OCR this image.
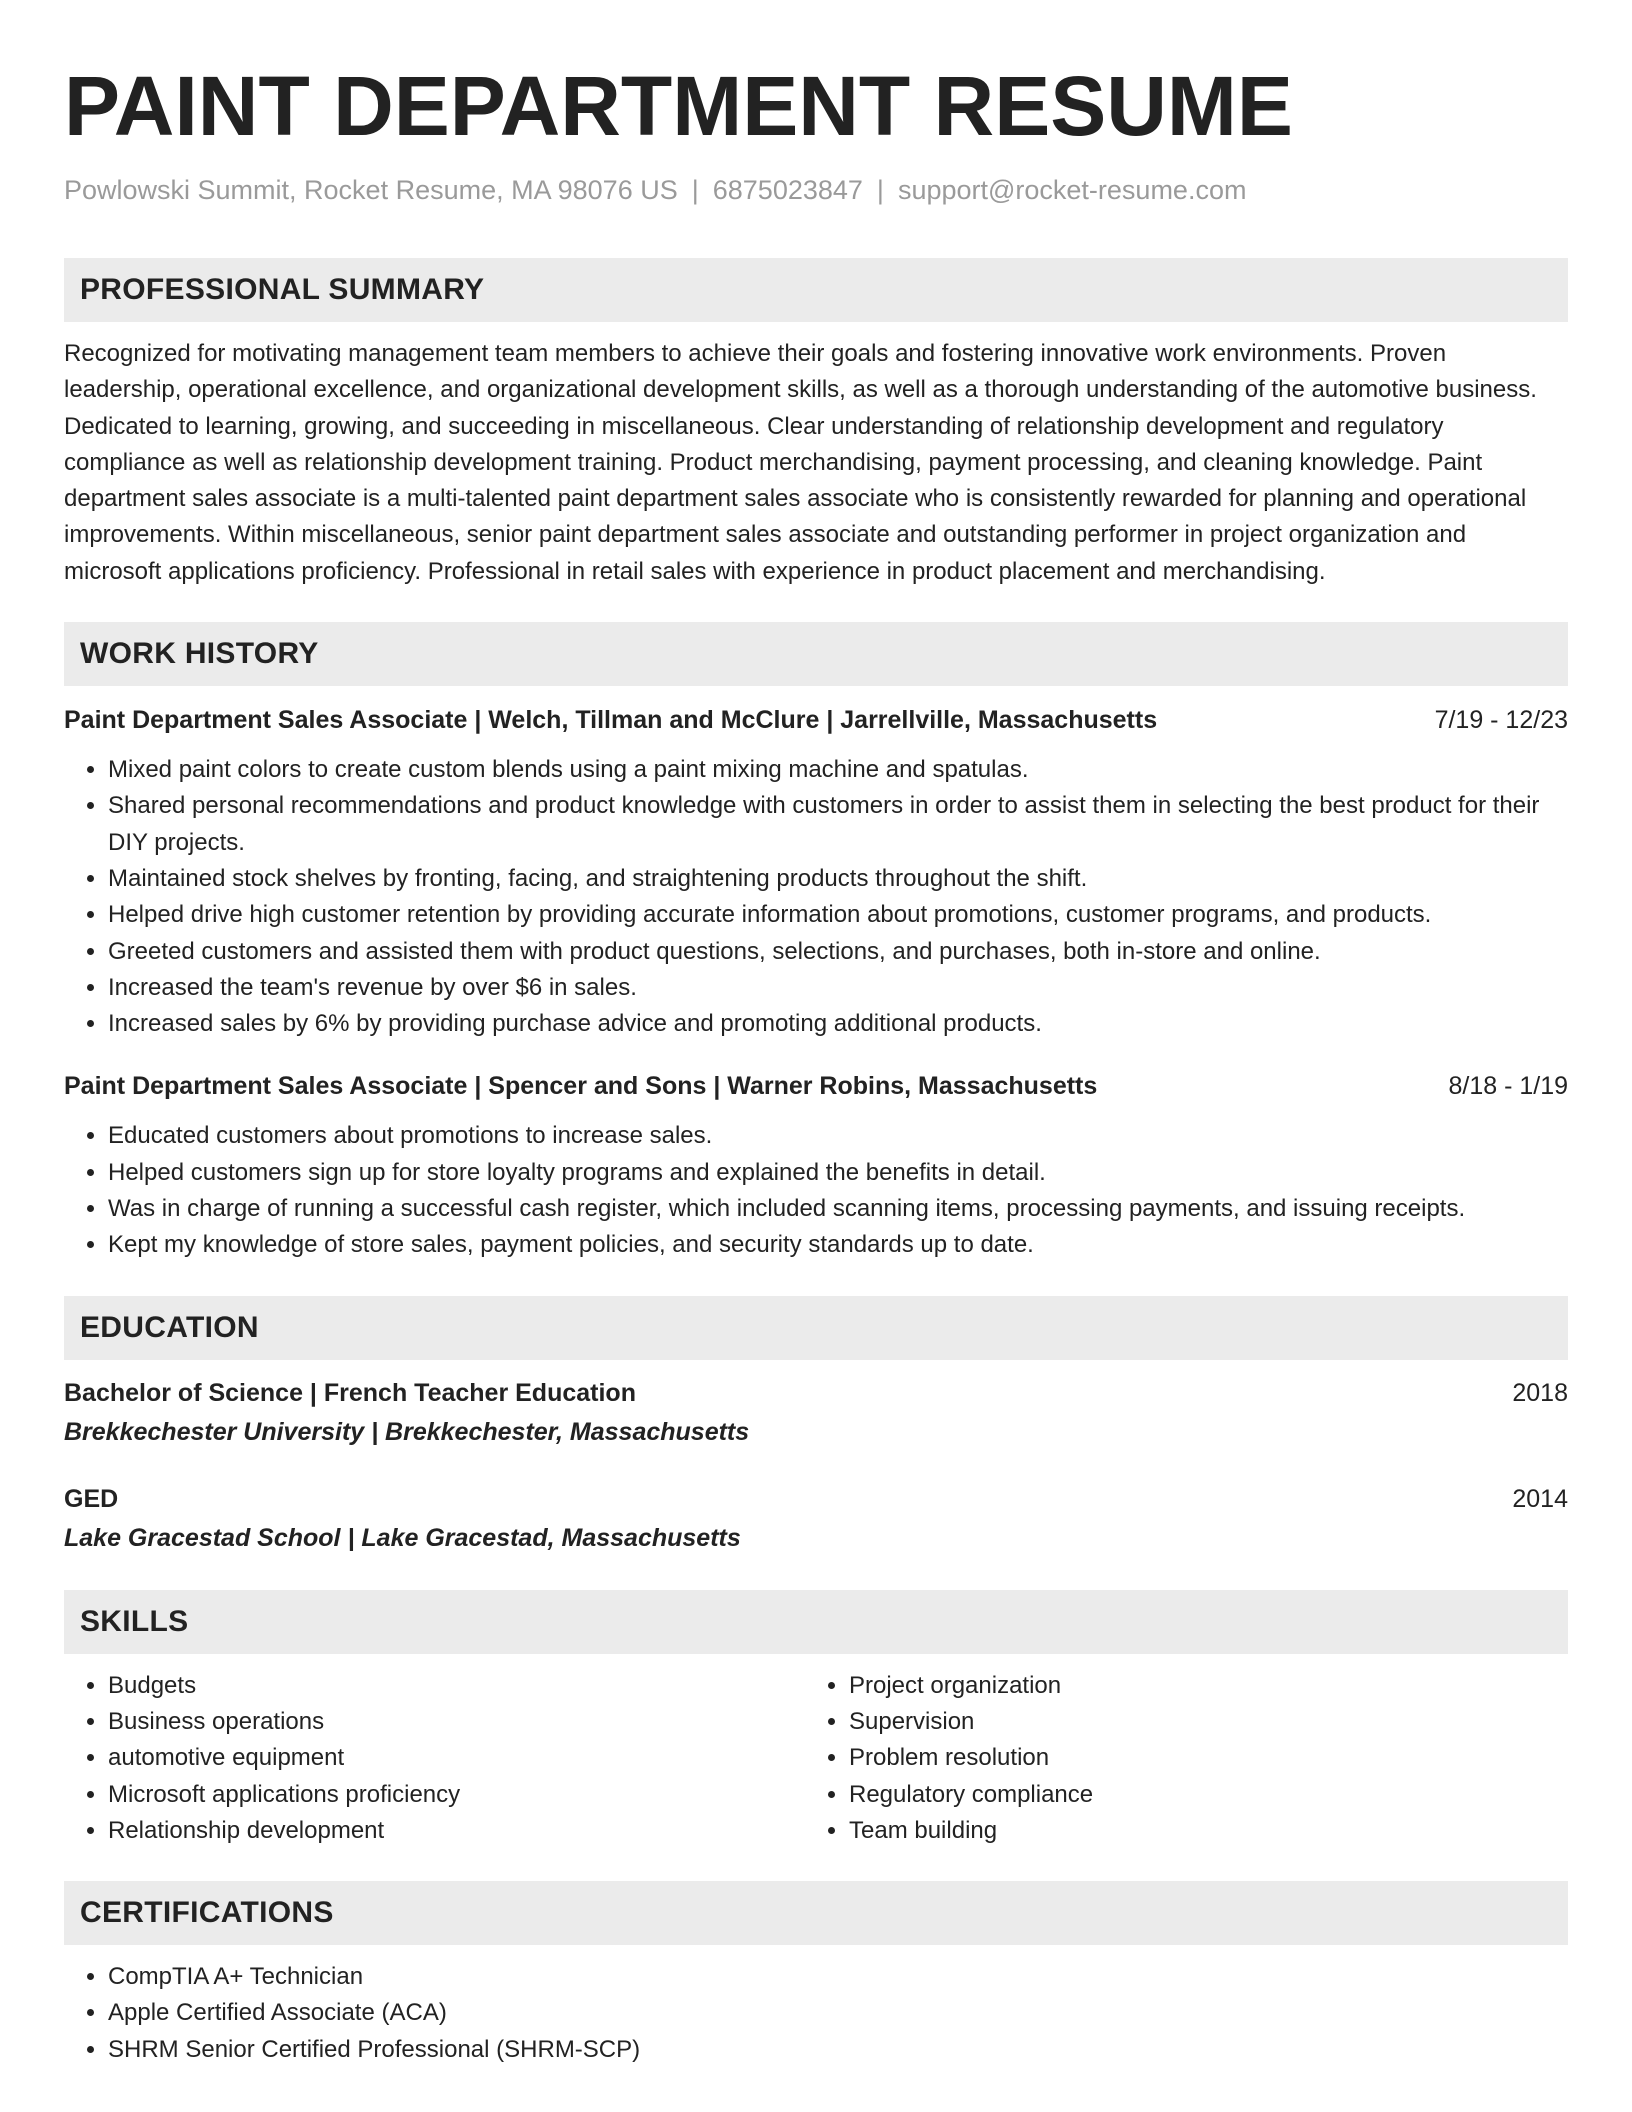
PAINT DEPARTMENT RESUME
Powlowski Summit, Rocket Resume, MA 98076 US | 6875023847 | support@rocket-resume.com
PROFESSIONAL SUMMARY

Recognized for motivating management team members to achieve their goals and fostering innovative work environments. Proven leadership, operational excellence, and organizational development skills, as well as a thorough understanding of the automotive business. Dedicated to learning, growing, and succeeding in miscellaneous. Clear understanding of relationship development and regulatory compliance as well as relationship development training. Product merchandising, payment processing, and cleaning knowledge. Paint department sales associate is a multi-talented paint department sales associate who is consistently rewarded for planning and operational improvements. Within miscellaneous, senior paint department sales associate and outstanding performer in project organization and microsoft applications proficiency. Professional in retail sales with experience in product placement and merchandising.

WORK HISTORY
Paint Department Sales Associate | Welch, Tillman and McClure | Jarrellville, Massachusetts	7/19 - 12/23
• Mixed paint colors to create custom blends using a paint mixing machine and spatulas.
• Shared personal recommendations and product knowledge with customers in order to assist them in selecting the best product for their DIY projects.
• Maintained stock shelves by fronting, facing, and straightening products throughout the shift.
• Helped drive high customer retention by providing accurate information about promotions, customer programs, and products.
• Greeted customers and assisted them with product questions, selections, and purchases, both in-store and online.
• Increased the team's revenue by over $6 in sales.
• Increased sales by 6% by providing purchase advice and promoting additional products.
Paint Department Sales Associate | Spencer and Sons | Warner Robins, Massachusetts	8/18 - 1/19
• Educated customers about promotions to increase sales.
• Helped customers sign up for store loyalty programs and explained the benefits in detail.
• Was in charge of running a successful cash register, which included scanning items, processing payments, and issuing receipts.
• Kept my knowledge of store sales, payment policies, and security standards up to date.
EDUCATION
Bachelor of Science | French Teacher Education	2018
Brekkechester University | Brekkechester, Massachusetts
GED	2014
Lake Gracestad School | Lake Gracestad, Massachusetts
SKILLS
• Budgets
• Business operations
• automotive equipment
• Microsoft applications proficiency
• Relationship development
• Project organization
• Supervision
• Problem resolution
• Regulatory compliance
• Team building
CERTIFICATIONS
• CompTIA A+ Technician
• Apple Certified Associate (ACA)
• SHRM Senior Certified Professional (SHRM-SCP)
